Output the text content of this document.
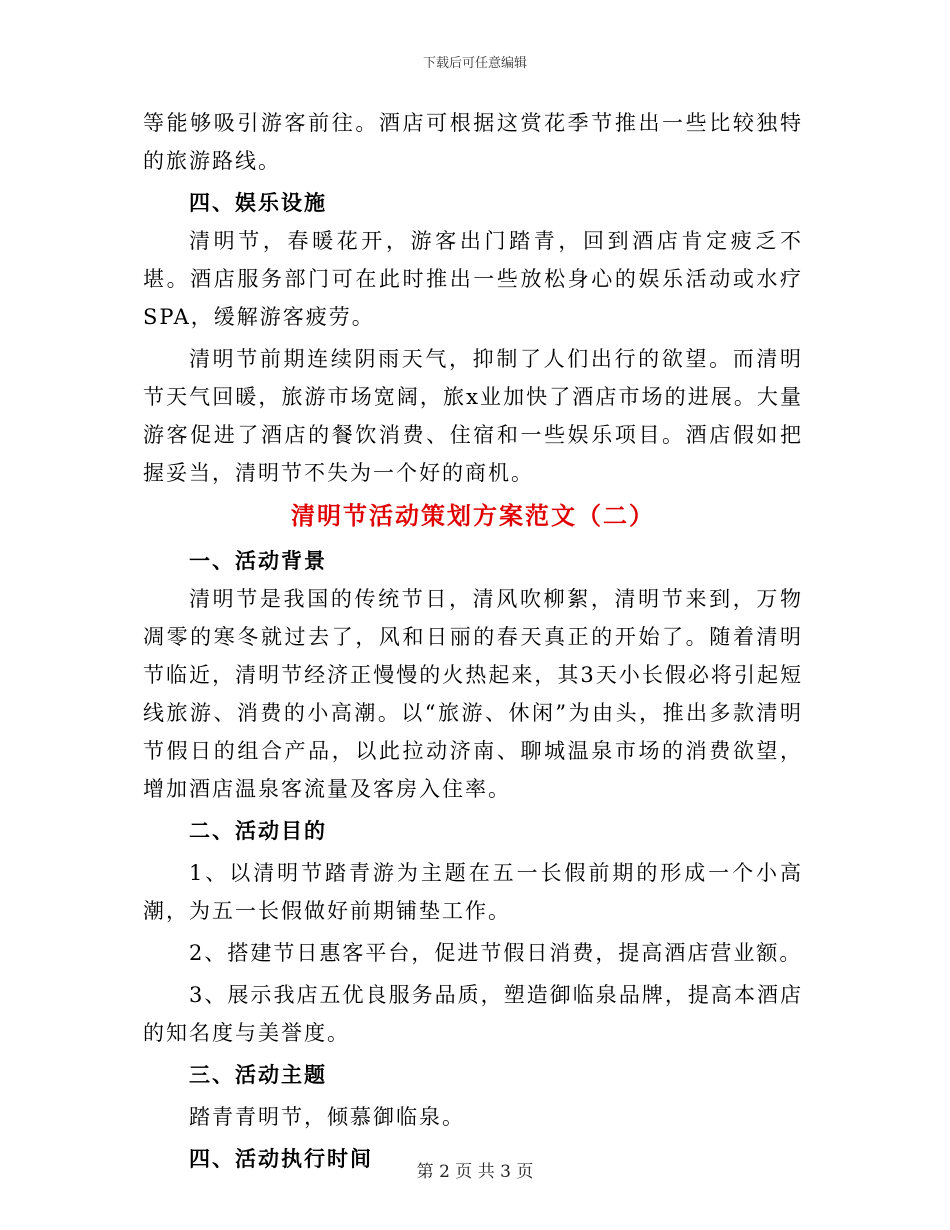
下载后可任意编辑

等能够吸引游客前往。酒店可根据这赏花季节推出一些比较独特的旅游路线。

四、娱乐设施

清明节，春暖花开，游客出门踏青，回到酒店肯定疲乏不堪。酒店服务部门可在此时推出一些放松身心的娱乐活动或水疗SPA，缓解游客疲劳。

清明节前期连续阴雨天气，抑制了人们出行的欲望。而清明节天气回暖，旅游市场宽阔，旅x业加快了酒店市场的进展。大量游客促进了酒店的餐饮消费、住宿和一些娱乐项目。酒店假如把握妥当，清明节不失为一个好的商机。

清明节活动策划方案范文（二）

一、活动背景

清明节是我国的传统节日，清风吹柳絮，清明节来到，万物凋零的寒冬就过去了，风和日丽的春天真正的开始了。随着清明节临近，清明节经济正慢慢的火热起来，其3天小长假必将引起短线旅游、消费的小高潮。以“旅游、休闲”为由头，推出多款清明节假日的组合产品，以此拉动济南、聊城温泉市场的消费欲望，增加酒店温泉客流量及客房入住率。

二、活动目的

1、以清明节踏青游为主题在五一长假前期的形成一个小高潮，为五一长假做好前期铺垫工作。

2、搭建节日惠客平台，促进节假日消费，提高酒店营业额。

3、展示我店五优良服务品质，塑造御临泉品牌，提高本酒店的知名度与美誉度。

三、活动主题

踏青青明节，倾慕御临泉。

四、活动执行时间

第 2 页 共 3 页
